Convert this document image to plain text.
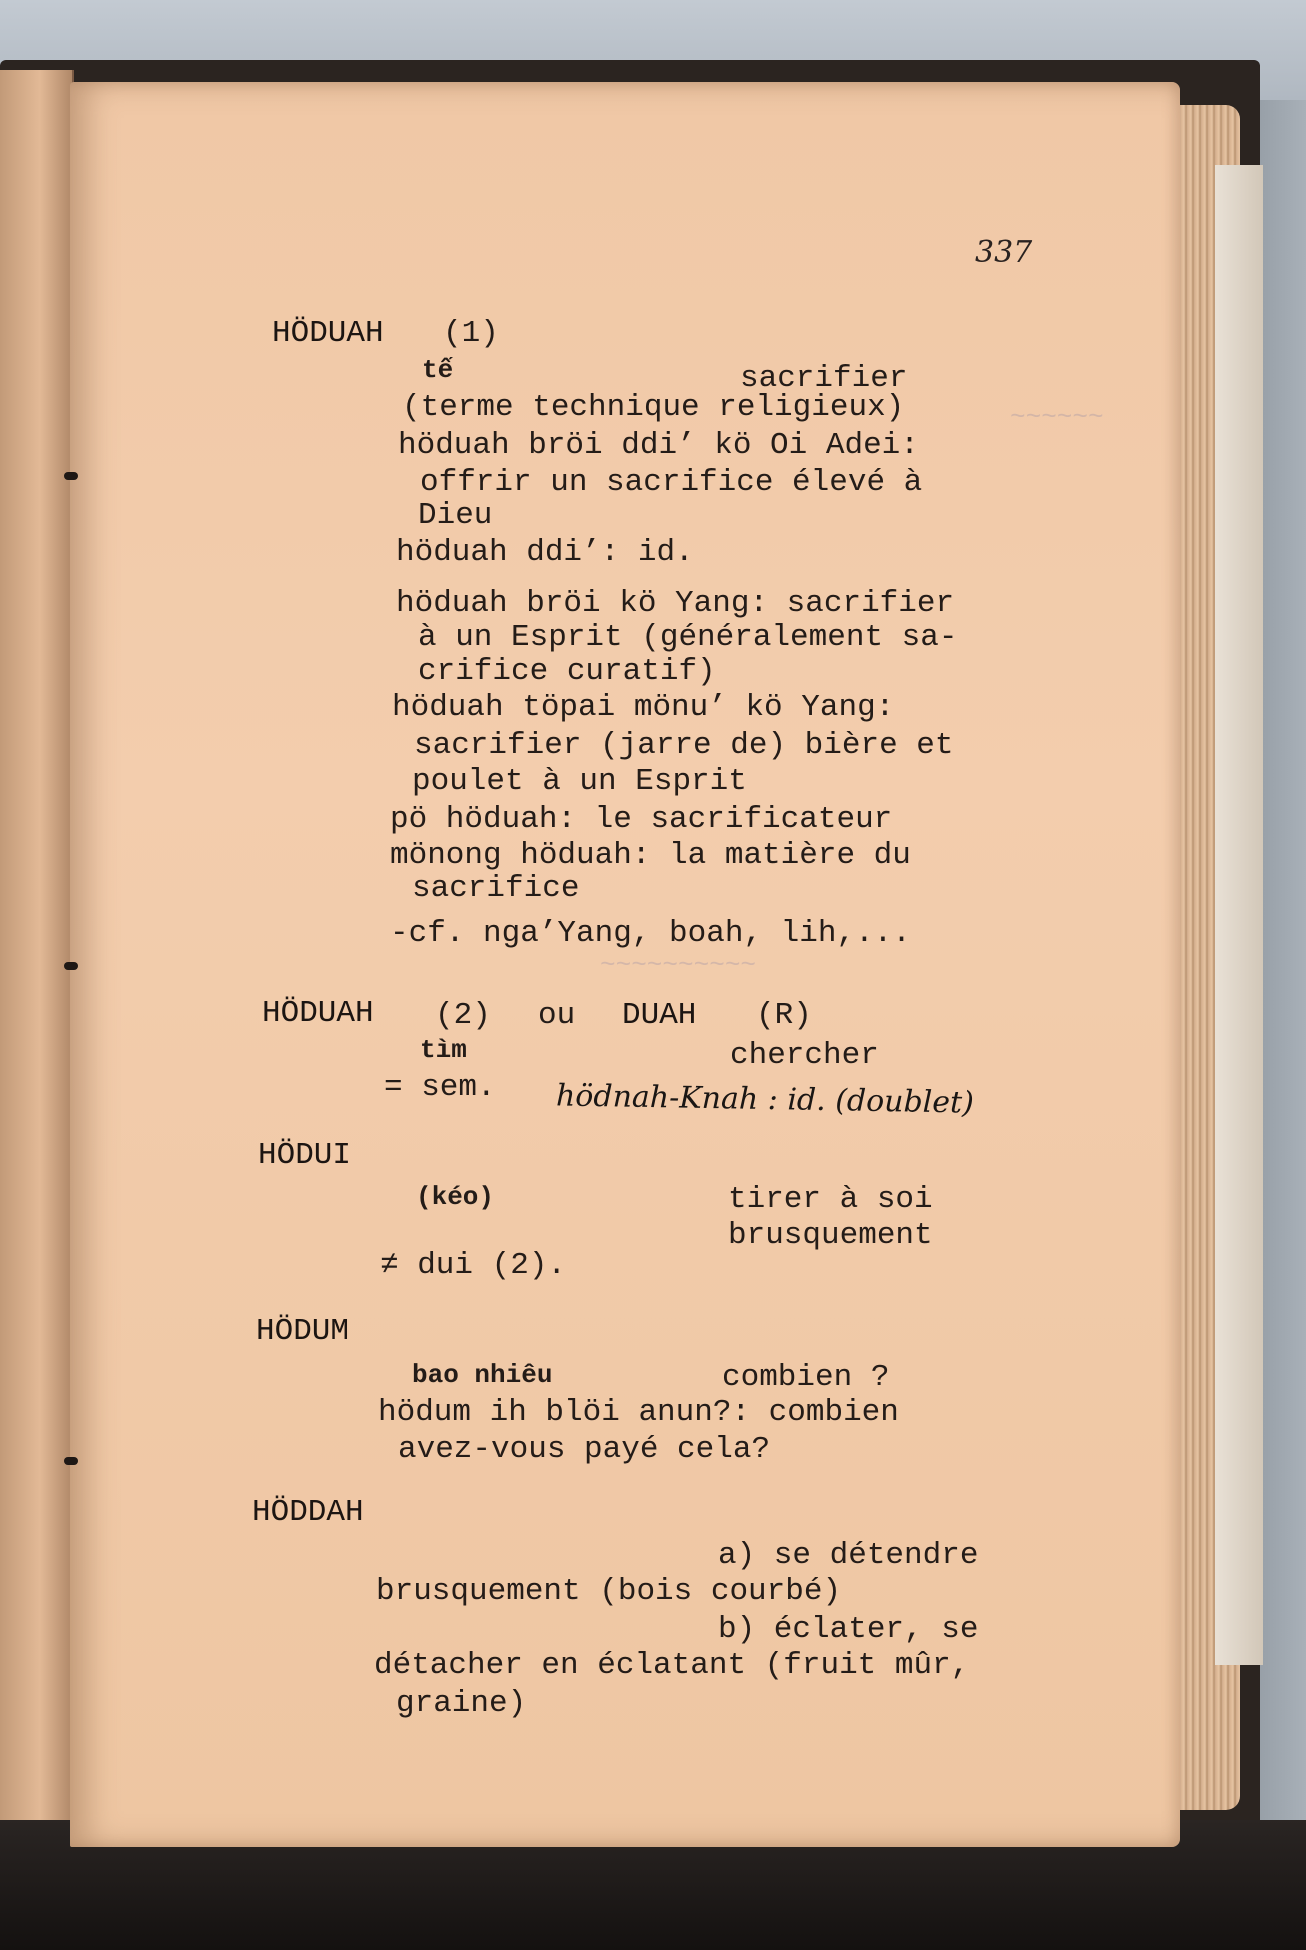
~~~~~~
~~~~~~~~~~
337
HÖDUAH (1)
tế	sacrifier
(terme technique religieux)
höduah bröi ddi’ kö Oi Adei:
offrir un sacrifice élevé à
Dieu
höduah ddi’: id.
höduah bröi kö Yang: sacrifier
à un Esprit (généralement sa-
crifice curatif)
höduah töpai mönu’ kö Yang:
sacrifier (jarre de) bière et
poulet à un Esprit
pö höduah: le sacrificateur
mönong höduah: la matière du
sacrifice
-cf. nga’Yang, boah, lih,...
HÖDUAH (2) ou DUAH (R)
tìm	chercher
= sem. hödnah-Knah : id. (doublet)
HÖDUI
(kéo)	tirer à soi
brusquement
≠ dui (2).
HÖDUM
bao nhiêu	combien ?
hödum ih blöi anun?: combien
avez-vous payé cela?
HÖDDAH
a) se détendre
brusquement (bois courbé)
b) éclater, se
détacher en éclatant (fruit mûr,
graine)
